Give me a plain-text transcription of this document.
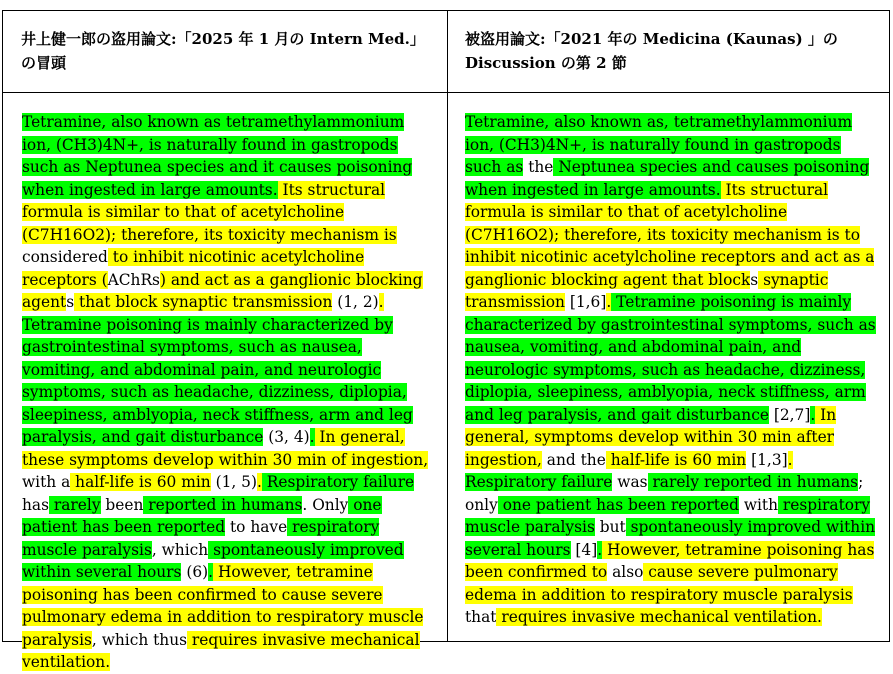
井上健一郎の盗用論文:「2025 年 1 月の Intern Med.」の冒頭
被盗用論文:「2021 年の Medicina (Kaunas) 」の Discussion の第 2 節
Tetramine, also known as tetramethylammonium ion, (CH3)4N+, is naturally found in gastropods such as Neptunea species and it causes poisoning when ingested in large amounts. Its structural formula is similar to that of acetylcholine (C7H16O2); therefore, its toxicity mechanism is considered to inhibit nicotinic acetylcholine receptors (AChRs) and act as a ganglionic blocking agents that block synaptic transmission (1, 2). Tetramine poisoning is mainly characterized by gastrointestinal symptoms, such as nausea, vomiting, and abdominal pain, and neurologic symptoms, such as headache, dizziness, diplopia, sleepiness, amblyopia, neck stiffness, arm and leg paralysis, and gait disturbance (3, 4). In general, these symptoms develop within 30 min of ingestion, with a half-life is 60 min (1, 5). Respiratory failure has rarely been reported in humans. Only one patient has been reported to have respiratory muscle paralysis, which spontaneously improved within several hours (6). However, tetramine poisoning has been confirmed to cause severe pulmonary edema in addition to respiratory muscle paralysis, which thus requires invasive mechanical ventilation.
Tetramine, also known as, tetramethylammonium ion, (CH3)4N+, is naturally found in gastropods such as the Neptunea species and causes poisoning when ingested in large amounts. Its structural formula is similar to that of acetylcholine (C7H16O2); therefore, its toxicity mechanism is to inhibit nicotinic acetylcholine receptors and act as a ganglionic blocking agent that blocks synaptic transmission [1,6]. Tetramine poisoning is mainly characterized by gastrointestinal symptoms, such as nausea, vomiting, and abdominal pain, and neurologic symptoms, such as headache, dizziness, diplopia, sleepiness, amblyopia, neck stiffness, arm and leg paralysis, and gait disturbance [2,7]. In general, symptoms develop within 30 min after ingestion, and the half-life is 60 min [1,3]. Respiratory failure was rarely reported in humans; only one patient has been reported with respiratory muscle paralysis but spontaneously improved within several hours [4]. However, tetramine poisoning has been confirmed to also cause severe pulmonary edema in addition to respiratory muscle paralysis that requires invasive mechanical ventilation.
